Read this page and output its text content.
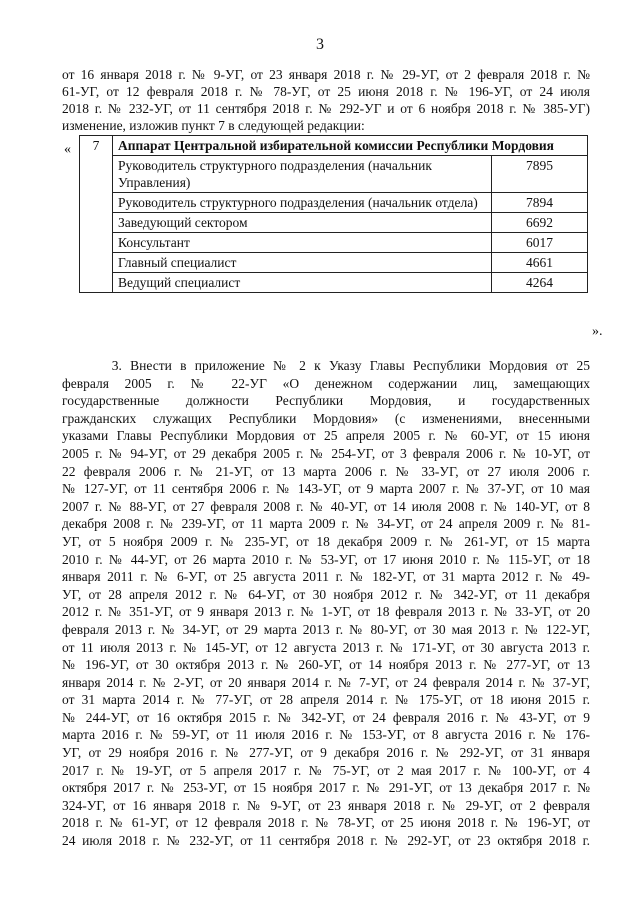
3
от 16 января 2018 г. № 9-УГ, от 23 января 2018 г. № 29-УГ, от 2 февраля 2018 г. №
61-УГ, от 12 февраля 2018 г. № 78-УГ, от 25 июня 2018 г. № 196-УГ, от 24 июля
2018 г. № 232-УГ, от 11 сентября 2018 г. № 292-УГ и от 6 ноября 2018 г. № 385-УГ)
изменение, изложив пункт 7 в следующей редакции:
« 7	Аппарат Центральной избирательной комиссии Республики Мордовия	
	Руководитель структурного подразделения (начальник Управления)	7895
	Руководитель структурного подразделения (начальник отдела)	7894
	Заведующий сектором	6692
	Консультант	6017
	Главный специалист	4661
	Ведущий специалист	4264
».
3. Внести в приложение № 2 к Указу Главы Республики Мордовия от 25
февраля 2005 г. № 22-УГ «О денежном содержании лиц, замещающих
государственные должности Республики Мордовия, и государственных
гражданских служащих Республики Мордовия» (с изменениями, внесенными
указами Главы Республики Мордовия от 25 апреля 2005 г. № 60-УГ, от 15 июня
2005 г. № 94-УГ, от 29 декабря 2005 г. № 254-УГ, от 3 февраля 2006 г. № 10-УГ, от
22 февраля 2006 г. № 21-УГ, от 13 марта 2006 г. № 33-УГ, от 27 июля 2006 г.
№ 127-УГ, от 11 сентября 2006 г. № 143-УГ, от 9 марта 2007 г. № 37-УГ, от 10 мая
2007 г. № 88-УГ, от 27 февраля 2008 г. № 40-УГ, от 14 июля 2008 г. № 140-УГ, от 8
декабря 2008 г. № 239-УГ, от 11 марта 2009 г. № 34-УГ, от 24 апреля 2009 г. № 81-
УГ, от 5 ноября 2009 г. № 235-УГ, от 18 декабря 2009 г. № 261-УГ, от 15 марта
2010 г. № 44-УГ, от 26 марта 2010 г. № 53-УГ, от 17 июня 2010 г. № 115-УГ, от 18
января 2011 г. № 6-УГ, от 25 августа 2011 г. № 182-УГ, от 31 марта 2012 г. № 49-
УГ, от 28 апреля 2012 г. № 64-УГ, от 30 ноября 2012 г. № 342-УГ, от 11 декабря
2012 г. № 351-УГ, от 9 января 2013 г. № 1-УГ, от 18 февраля 2013 г. № 33-УГ, от 20
февраля 2013 г. № 34-УГ, от 29 марта 2013 г. № 80-УГ, от 30 мая 2013 г. № 122-УГ,
от 11 июля 2013 г. № 145-УГ, от 12 августа 2013 г. № 171-УГ, от 30 августа 2013 г.
№ 196-УГ, от 30 октября 2013 г. № 260-УГ, от 14 ноября 2013 г. № 277-УГ, от 13
января 2014 г. № 2-УГ, от 20 января 2014 г. № 7-УГ, от 24 февраля 2014 г. № 37-УГ,
от 31 марта 2014 г. № 77-УГ, от 28 апреля 2014 г. № 175-УГ, от 18 июня 2015 г.
№ 244-УГ, от 16 октября 2015 г. № 342-УГ, от 24 февраля 2016 г. № 43-УГ, от 9
марта 2016 г. № 59-УГ, от 11 июля 2016 г. № 153-УГ, от 8 августа 2016 г. № 176-
УГ, от 29 ноября 2016 г. № 277-УГ, от 9 декабря 2016 г. № 292-УГ, от 31 января
2017 г. № 19-УГ, от 5 апреля 2017 г. № 75-УГ, от 2 мая 2017 г. № 100-УГ, от 4
октября 2017 г. № 253-УГ, от 15 ноября 2017 г. № 291-УГ, от 13 декабря 2017 г. №
324-УГ, от 16 января 2018 г. № 9-УГ, от 23 января 2018 г. № 29-УГ, от 2 февраля
2018 г. № 61-УГ, от 12 февраля 2018 г. № 78-УГ, от 25 июня 2018 г. № 196-УГ, от
24 июля 2018 г. № 232-УГ, от 11 сентября 2018 г. № 292-УГ, от 23 октября 2018 г.
